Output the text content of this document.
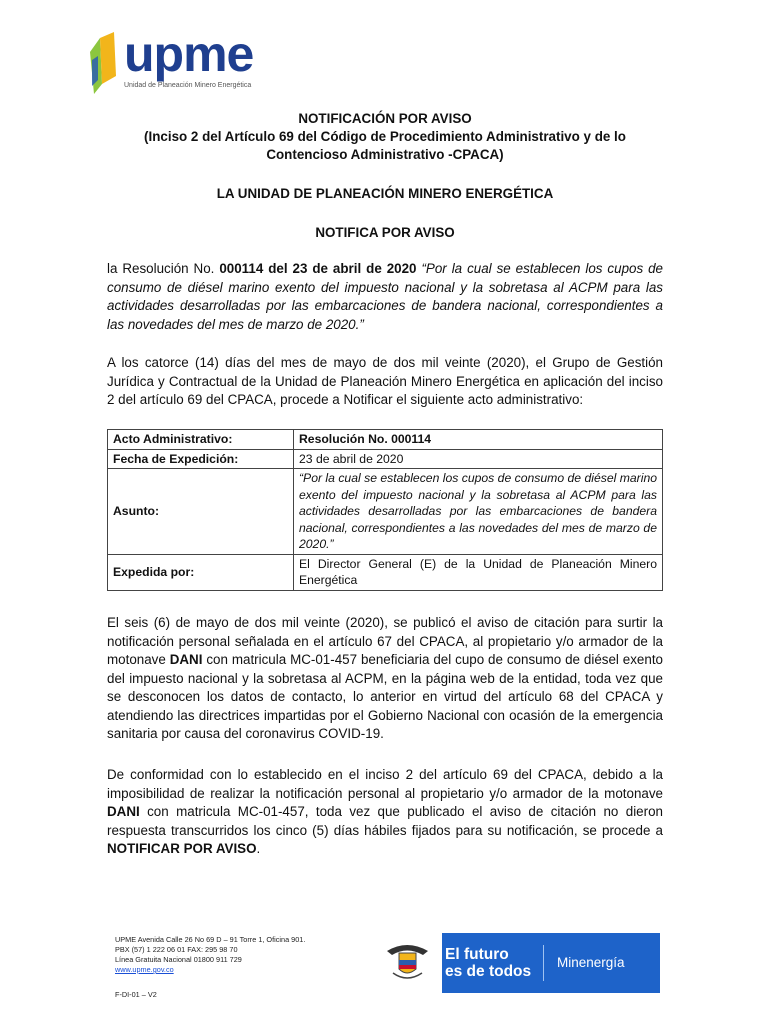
upme
Unidad de Planeación Minero Energética
NOTIFICACIÓN POR AVISO
(Inciso 2 del Artículo 69 del Código de Procedimiento Administrativo y de lo
Contencioso Administrativo -CPACA)
LA UNIDAD DE PLANEACIÓN MINERO ENERGÉTICA
NOTIFICA POR AVISO
la Resolución No. 000114 del 23 de abril de 2020 “Por la cual se establecen los cupos de consumo de diésel marino exento del impuesto nacional y la sobretasa al ACPM para las actividades desarrolladas por las embarcaciones de bandera nacional, correspondientes a las novedades del mes de marzo de 2020.”
A los catorce (14) días del mes de mayo de dos mil veinte (2020), el Grupo de Gestión Jurídica y Contractual de la Unidad de Planeación Minero Energética en aplicación del inciso 2 del artículo 69 del CPACA, procede a Notificar el siguiente acto administrativo:
Acto Administrativo:	Resolución No. 000114
Fecha de Expedición:	23 de abril de 2020
Asunto:	“Por la cual se establecen los cupos de consumo de diésel marino exento del impuesto nacional y la sobretasa al ACPM para las actividades desarrolladas por las embarcaciones de bandera nacional, correspondientes a las novedades del mes de marzo de 2020.”
Expedida por:	El Director General (E) de la Unidad de Planeación Minero Energética
El seis (6) de mayo de dos mil veinte (2020), se publicó el aviso de citación para surtir la notificación personal señalada en el artículo 67 del CPACA, al propietario y/o armador de la motonave DANI con matricula MC-01-457 beneficiaria del cupo de consumo de diésel exento del impuesto nacional y la sobretasa al ACPM, en la página web de la entidad, toda vez que se desconocen los datos de contacto, lo anterior en virtud del artículo 68 del CPACA y atendiendo las directrices impartidas por el Gobierno Nacional con ocasión de la emergencia sanitaria por causa del coronavirus COVID-19.
De conformidad con lo establecido en el inciso 2 del artículo 69 del CPACA, debido a la imposibilidad de realizar la notificación personal al propietario y/o armador de la motonave DANI con matricula MC-01-457, toda vez que publicado el aviso de citación no dieron respuesta transcurridos los cinco (5) días hábiles fijados para su notificación, se procede a NOTIFICAR POR AVISO.
UPME Avenida Calle 26 No 69 D – 91 Torre 1, Oficina 901.
PBX (57) 1 222 06 01 FAX: 295 98 70
Línea Gratuita Nacional 01800 911 729
www.upme.gov.co
F-DI-01 – V2
El futuro
es de todos
Minenergía
